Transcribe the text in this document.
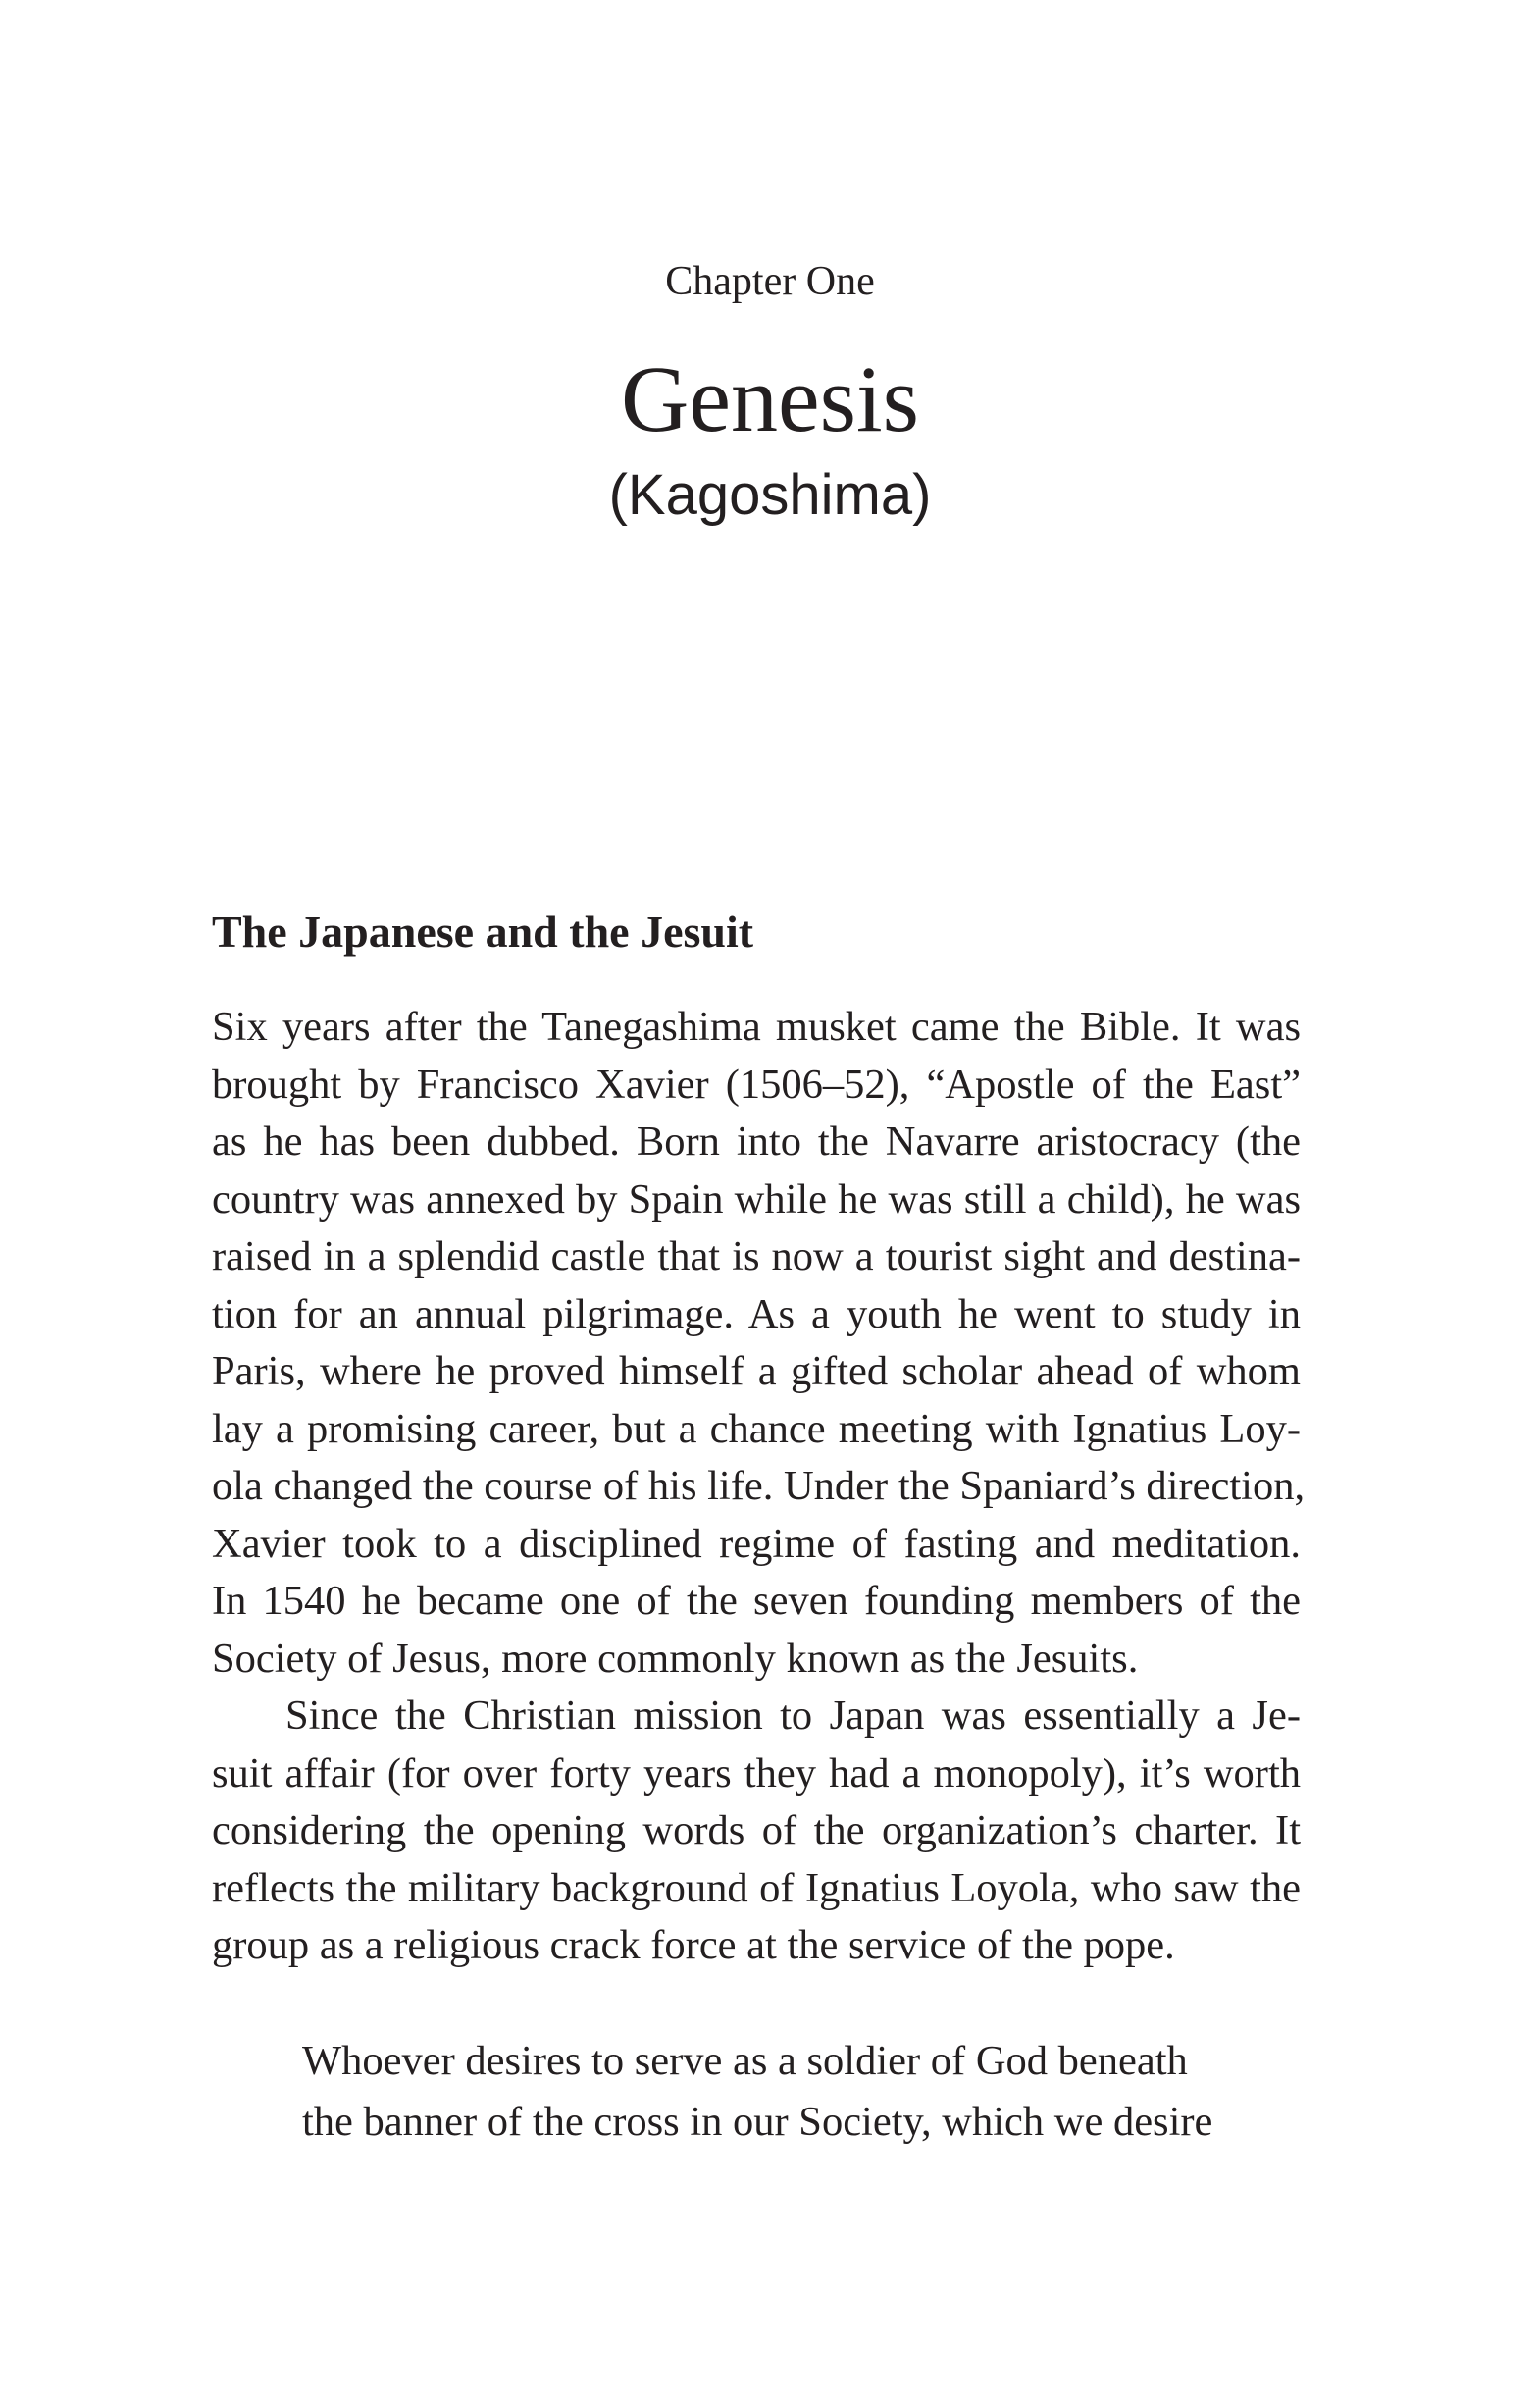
Chapter One
Genesis
(Kagoshima)
The Japanese and the Jesuit
Six years after the Tanegashima musket came the Bible. It was
brought by Francisco Xavier (1506–52), “Apostle of the East”
as he has been dubbed. Born into the Navarre aristocracy (the
country was annexed by Spain while he was still a child), he was
raised in a splendid castle that is now a tourist sight and destina-
tion for an annual pilgrimage. As a youth he went to study in
Paris, where he proved himself a gifted scholar ahead of whom
lay a promising career, but a chance meeting with Ignatius Loy-
ola changed the course of his life. Under the Spaniard’s direction,
Xavier took to a disciplined regime of fasting and meditation.
In 1540 he became one of the seven founding members of the
Society of Jesus, more commonly known as the Jesuits.
Since the Christian mission to Japan was essentially a Je-
suit affair (for over forty years they had a monopoly), it’s worth
considering the opening words of the organization’s charter. It
reflects the military background of Ignatius Loyola, who saw the
group as a religious crack force at the service of the pope.
Whoever desires to serve as a soldier of God beneath
the banner of the cross in our Society, which we desire
